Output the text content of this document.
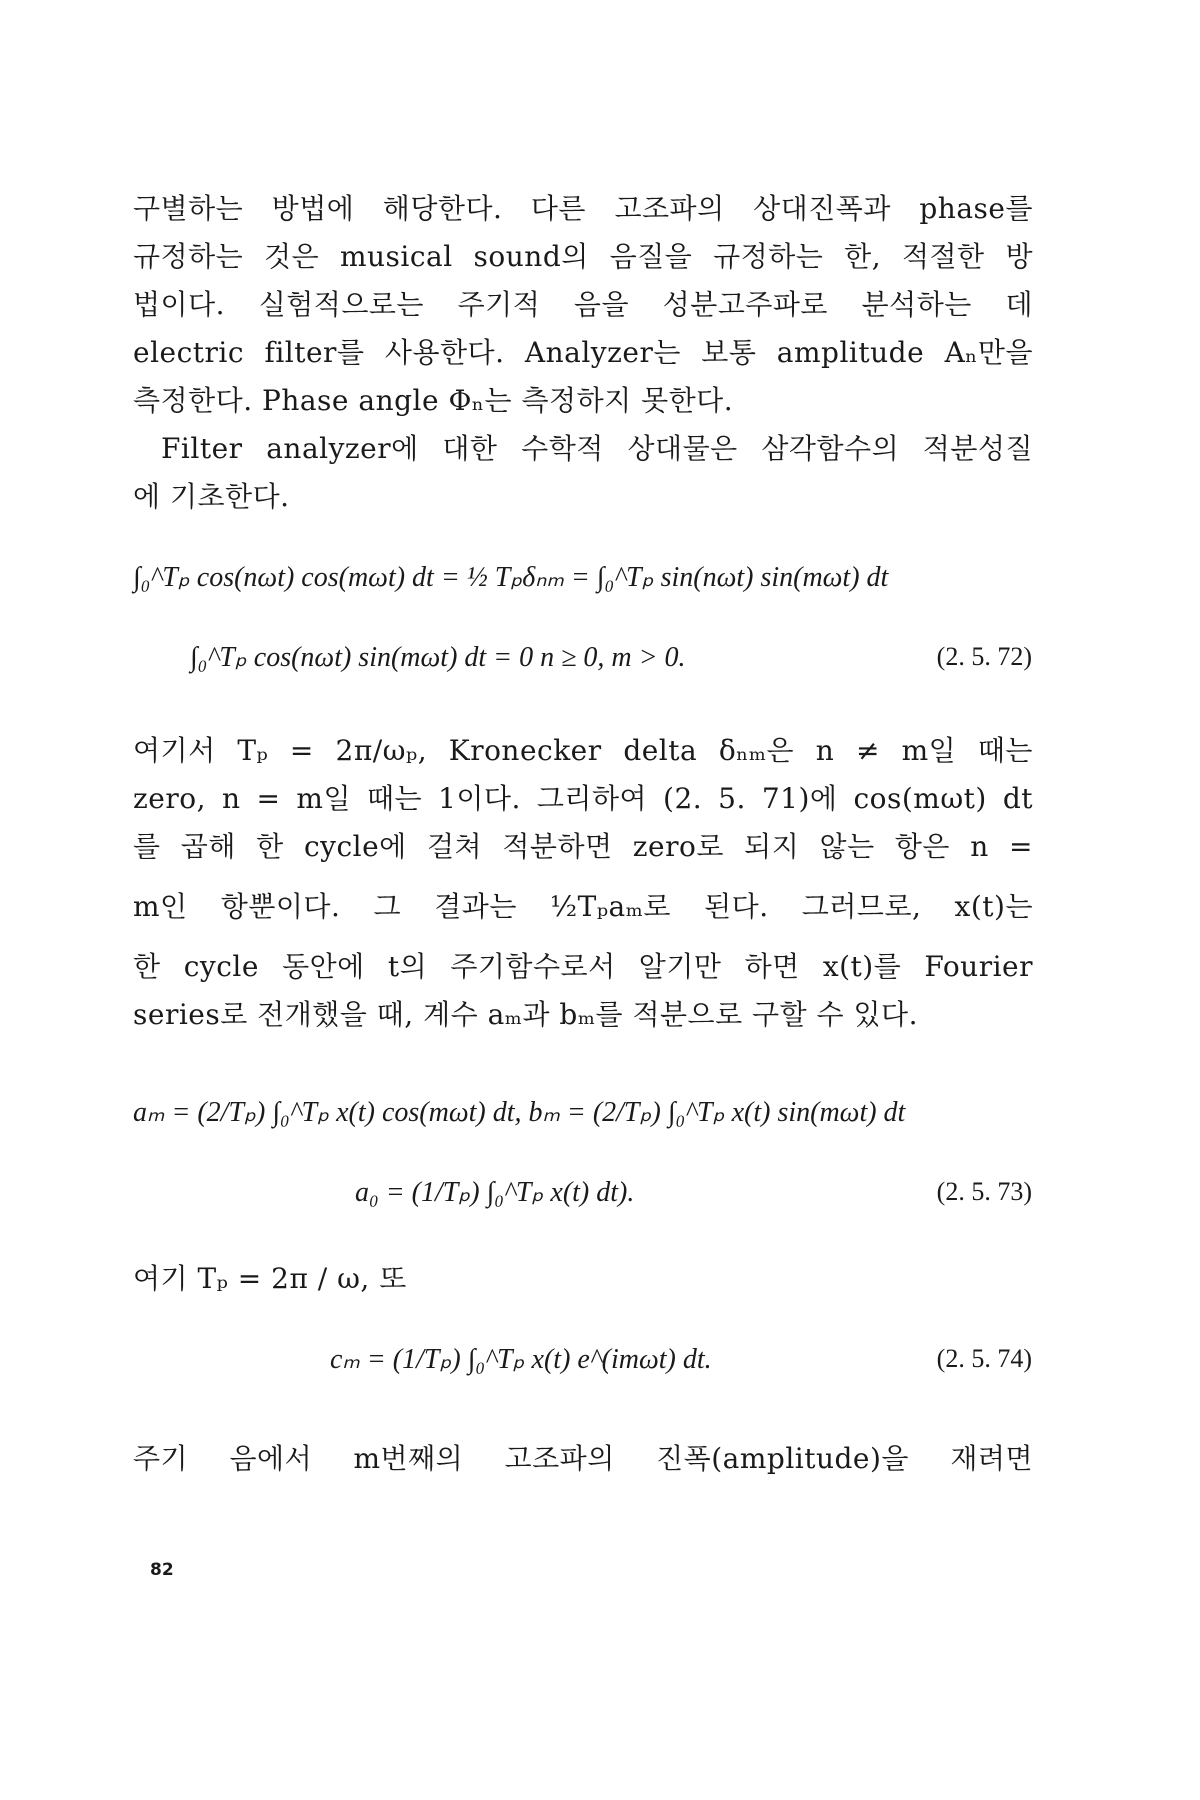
구별하는 방법에 해당한다. 다른 고조파의 상대진폭과 phase를
규정하는 것은 musical sound의 음질을 규정하는 한, 적절한 방
법이다. 실험적으로는 주기적 음을 성분고주파로 분석하는 데
electric filter를 사용한다. Analyzer는 보통 amplitude Aₙ만을
측정한다. Phase angle Φₙ는 측정하지 못한다.
Filter analyzer에 대한 수학적 상대물은 삼각함수의 적분성질
에 기초한다.
∫₀^Tₚ cos(nωt) cos(mωt) dt = ½ Tₚδₙₘ = ∫₀^Tₚ sin(nωt) sin(mωt) dt
∫₀^Tₚ cos(nωt) sin(mωt) dt = 0 n ≥ 0, m > 0.	(2. 5. 72)
여기서 Tₚ = 2π/ωₚ, Kronecker delta δₙₘ은 n ≠ m일 때는
zero, n = m일 때는 1이다. 그리하여 (2. 5. 71)에 cos(mωt) dt
를 곱해 한 cycle에 걸쳐 적분하면 zero로 되지 않는 항은 n =
m인 항뿐이다. 그 결과는 ½Tₚaₘ로 된다. 그러므로, x(t)는
한 cycle 동안에 t의 주기함수로서 알기만 하면 x(t)를 Fourier
series로 전개했을 때, 계수 aₘ과 bₘ를 적분으로 구할 수 있다.
aₘ = (2/Tₚ) ∫₀^Tₚ x(t) cos(mωt) dt, bₘ = (2/Tₚ) ∫₀^Tₚ x(t) sin(mωt) dt
a₀ = (1/Tₚ) ∫₀^Tₚ x(t) dt).	(2. 5. 73)
여기 Tₚ = 2π / ω, 또
cₘ = (1/Tₚ) ∫₀^Tₚ x(t) e^(imωt) dt.	(2. 5. 74)
주기 음에서 m번째의 고조파의 진폭(amplitude)을 재려면
82
